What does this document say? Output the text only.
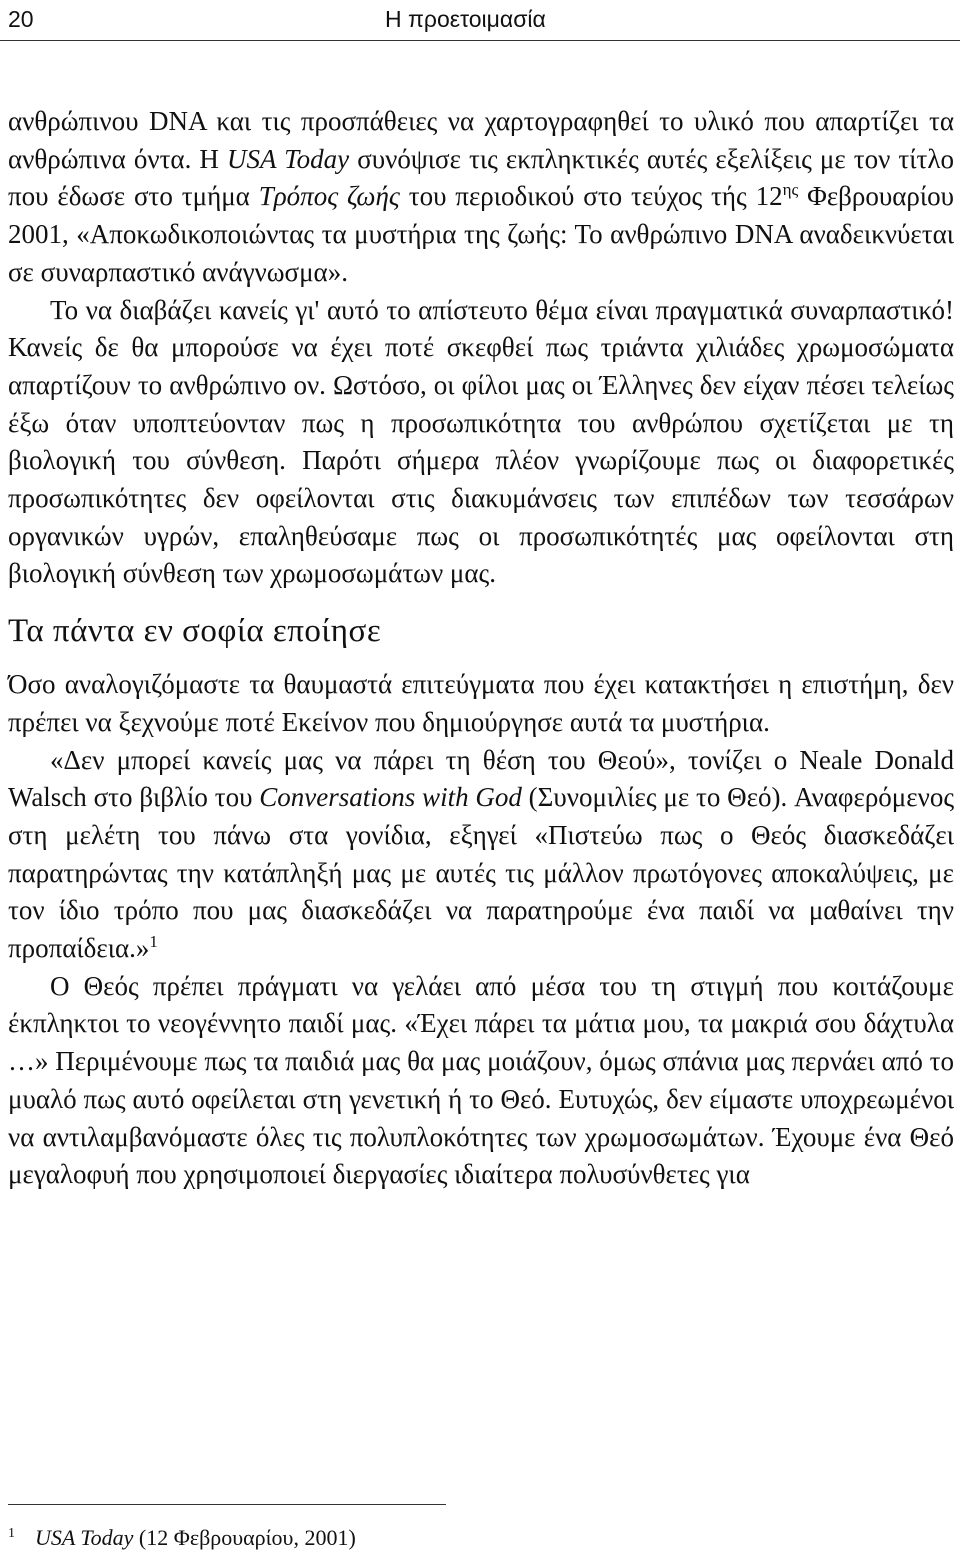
20	Η προετοιμασία

ανθρώπινου DNA και τις προσπάθειες να χαρτογραφηθεί το υλικό που απαρτίζει τα ανθρώπινα όντα. Η USA Today συνόψισε τις εκπληκτικές αυτές εξελίξεις με τον τίτλο που έδωσε στο τμήμα Τρόπος ζωής του περιοδικού στο τεύχος τής $12^{\eta\varsigma}$ Φεβρουαρίου 2001, «Αποκωδικοποιώντας τα μυστήρια της ζωής: Το ανθρώπινο DNA αναδεικνύεται σε συναρπαστικό ανάγνωσμα».

Το να διαβάζει κανείς γι' αυτό το απίστευτο θέμα είναι πραγματικά συναρπαστικό! Κανείς δε θα μπορούσε να έχει ποτέ σκεφθεί πως τριάντα χιλιάδες χρωμοσώματα απαρτίζουν το ανθρώπινο ον. Ωστόσο, οι φίλοι μας οι Έλληνες δεν είχαν πέσει τελείως έξω όταν υποπτεύονταν πως η προσωπικότητα του ανθρώπου σχετίζεται με τη βιολογική του σύνθεση. Παρότι σήμερα πλέον γνωρίζουμε πως οι διαφορετικές προσωπικότητες δεν οφείλονται στις διακυμάνσεις των επιπέδων των τεσσάρων οργανικών υγρών, επαληθεύσαμε πως οι προσωπικότητές μας οφείλονται στη βιολογική σύνθεση των χρωμοσωμάτων μας.

Τα πάντα εν σοφία εποίησε

Όσο αναλογιζόμαστε τα θαυμαστά επιτεύγματα που έχει κατακτήσει η επιστήμη, δεν πρέπει να ξεχνούμε ποτέ Εκείνον που δημιούργησε αυτά τα μυστήρια.

«Δεν μπορεί κανείς μας να πάρει τη θέση του Θεού», τονίζει ο Neale Donald Walsch στο βιβλίο του Conversations with God (Συνομιλίες με το Θεό). Αναφερόμενος στη μελέτη του πάνω στα γονίδια, εξηγεί «Πιστεύω πως ο Θεός διασκεδάζει παρατηρώντας την κατάπληξή μας με αυτές τις μάλλον πρωτόγονες αποκαλύψεις, με τον ίδιο τρόπο που μας διασκεδάζει να παρατηρούμε ένα παιδί να μαθαίνει την προπαίδεια.»$^1$

Ο Θεός πρέπει πράγματι να γελάει από μέσα του τη στιγμή που κοιτάζουμε έκπληκτοι το νεογέννητο παιδί μας. «Έχει πάρει τα μάτια μου, τα μακριά σου δάχτυλα …» Περιμένουμε πως τα παιδιά μας θα μας μοιάζουν, όμως σπάνια μας περνάει από το μυαλό πως αυτό οφείλεται στη γενετική ή το Θεό. Ευτυχώς, δεν είμαστε υποχρεωμένοι να αντιλαμβανόμαστε όλες τις πολυπλοκότητες των χρωμοσωμάτων. Έχουμε ένα Θεό μεγαλοφυή που χρησιμοποιεί διεργασίες ιδιαίτερα πολυσύνθετες για

$^1$ USA Today (12 Φεβρουαρίου, 2001)
